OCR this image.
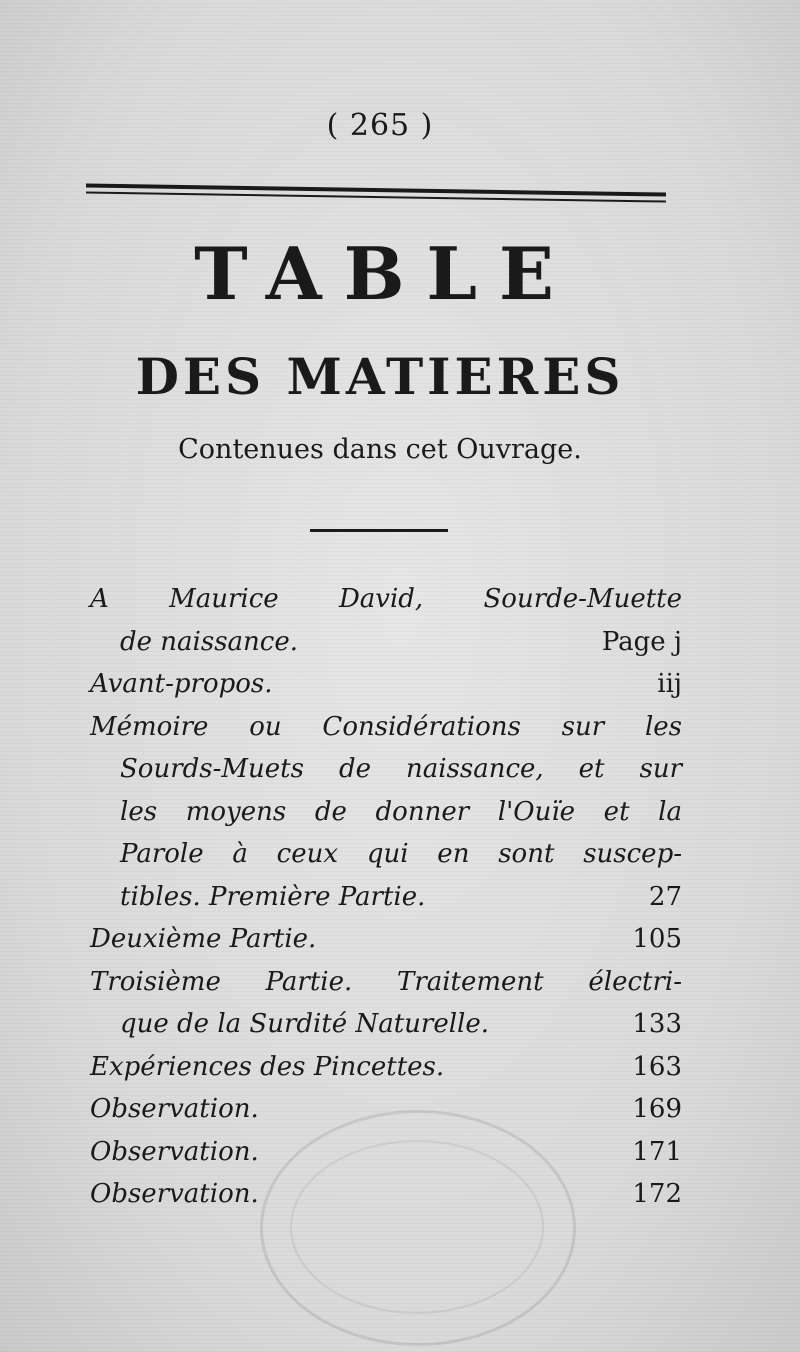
( 265 )
TABLE
DES MATIERES
Contenues dans cet Ouvrage.
A Maurice David, Sourde-Muette
de naissance.	Page j
Avant-propos.	iij
Mémoire ou Considérations sur les
Sourds-Muets de naissance, et sur
les moyens de donner l'Ouïe et la
Parole à ceux qui en sont suscep-
tibles. Première Partie.	27
Deuxième Partie.	105
Troisième Partie. Traitement électri-
que de la Surdité Naturelle.	133
Expériences des Pincettes.	163
Observation.	169
Observation.	171
Observation.	172
